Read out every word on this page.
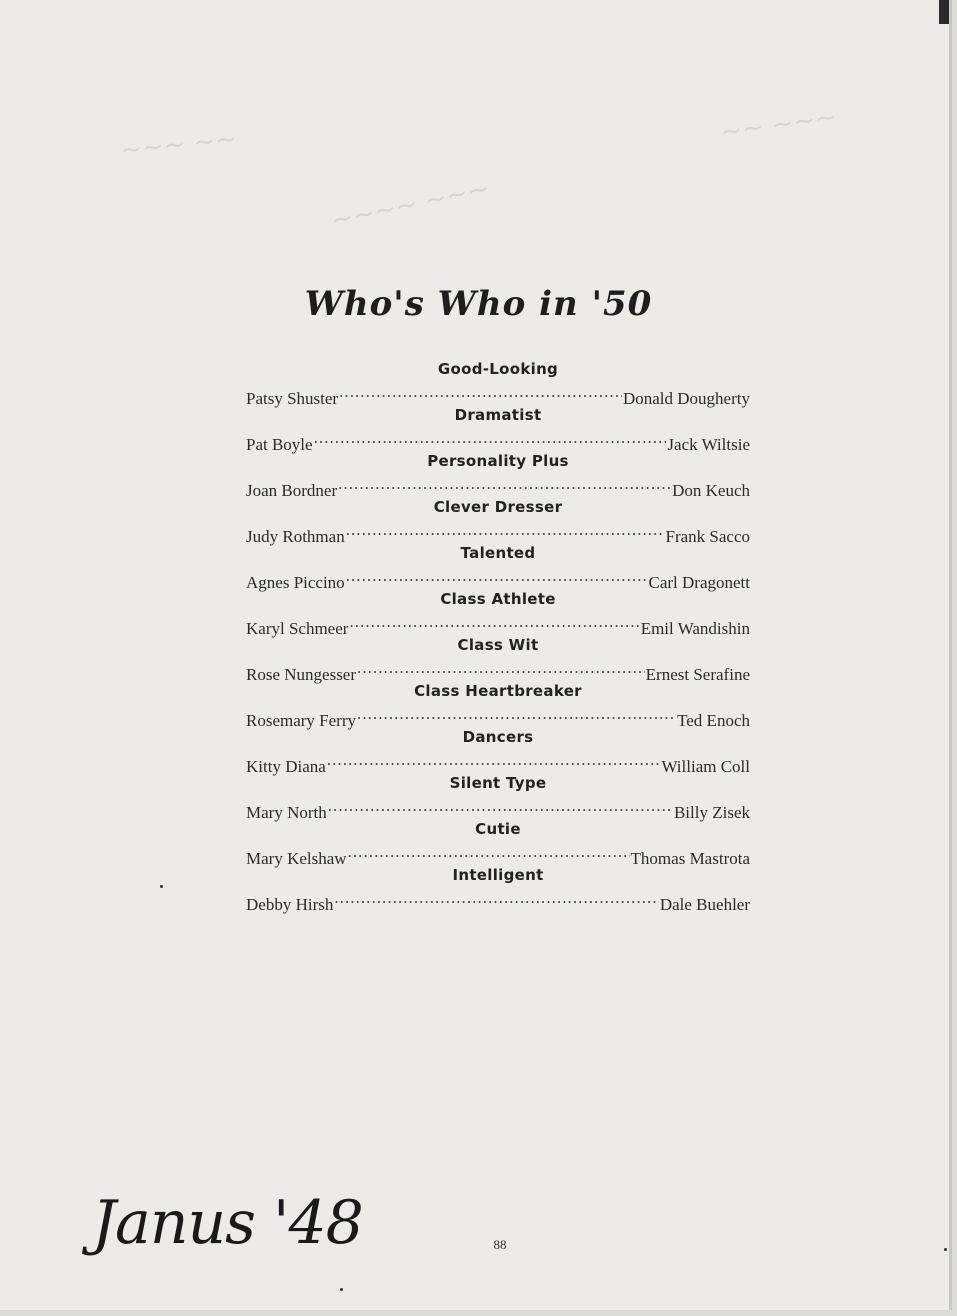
~~~ ~~
~~~~ ~~~
~~ ~~~
Who's Who in '50
Good-Looking
Patsy Shuster . . .	Donald Dougherty
Dramatist
Pat Boyle . . .	Jack Wiltsie
Personality Plus
Joan Bordner . . .	Don Keuch
Clever Dresser
Judy Rothman . . .	Frank Sacco
Talented
Agnes Piccino . . .	Carl Dragonett
Class Athlete
Karyl Schmeer . . .	Emil Wandishin
Class Wit
Rose Nungesser . . .	Ernest Serafine
Class Heartbreaker
Rosemary Ferry . . .	Ted Enoch
Dancers
Kitty Diana . . .	William Coll
Silent Type
Mary North . . .	Billy Zisek
Cutie
Mary Kelshaw . . .	Thomas Mastrota
Intelligent
Debby Hirsh . . .	Dale Buehler
Janus '48	88
